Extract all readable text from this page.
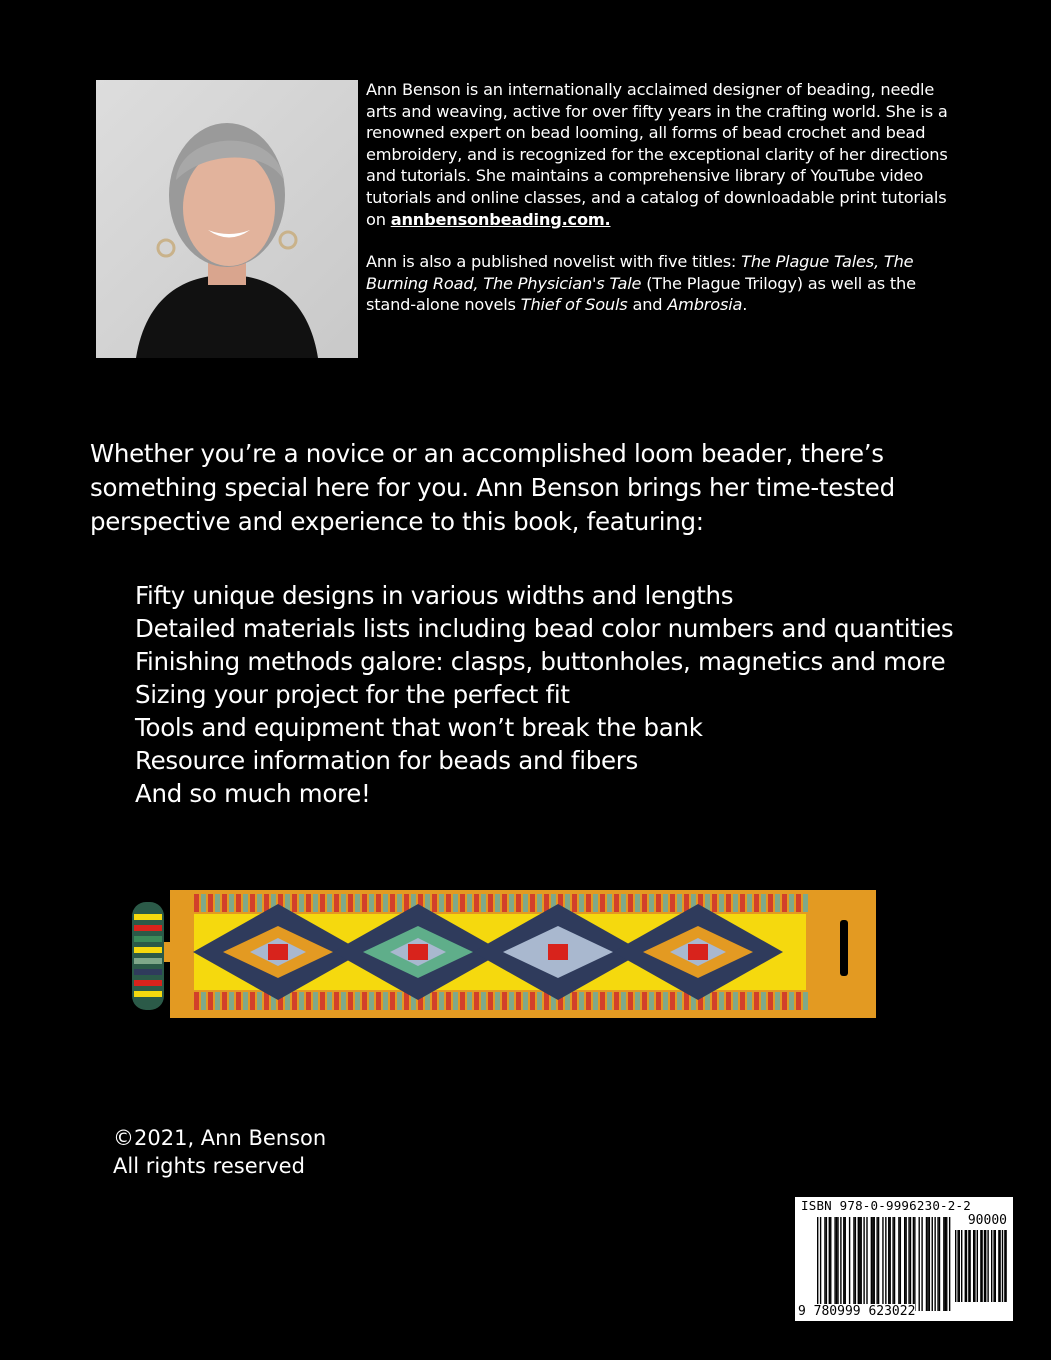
Ann Benson is an internationally acclaimed designer of beading, needle arts and weaving, active for over fifty years in the crafting world. She is a renowned expert on bead looming, all forms of bead crochet and bead embroidery, and is recognized for the exceptional clarity of her directions and tutorials. She maintains a comprehensive library of YouTube video tutorials and online classes, and a catalog of downloadable print tutorials on annbensonbeading.com.

Ann is also a published novelist with five titles: The Plague Tales, The Burning Road, The Physician's Tale (The Plague Trilogy) as well as the stand-alone novels Thief of Souls and Ambrosia.

Whether you’re a novice or an accomplished loom beader, there’s something special here for you. Ann Benson brings her time-tested perspective and experience to this book, featuring:
Fifty unique designs in various widths and lengths
Detailed materials lists including bead color numbers and quantities
Finishing methods galore: clasps, buttonholes, magnetics and more
Sizing your project for the perfect fit
Tools and equipment that won’t break the bank
Resource information for beads and fibers
And so much more!
©2021, Ann Benson
All rights reserved
ISBN 978-0-9996230-2-2
90000
9 780999 623022
